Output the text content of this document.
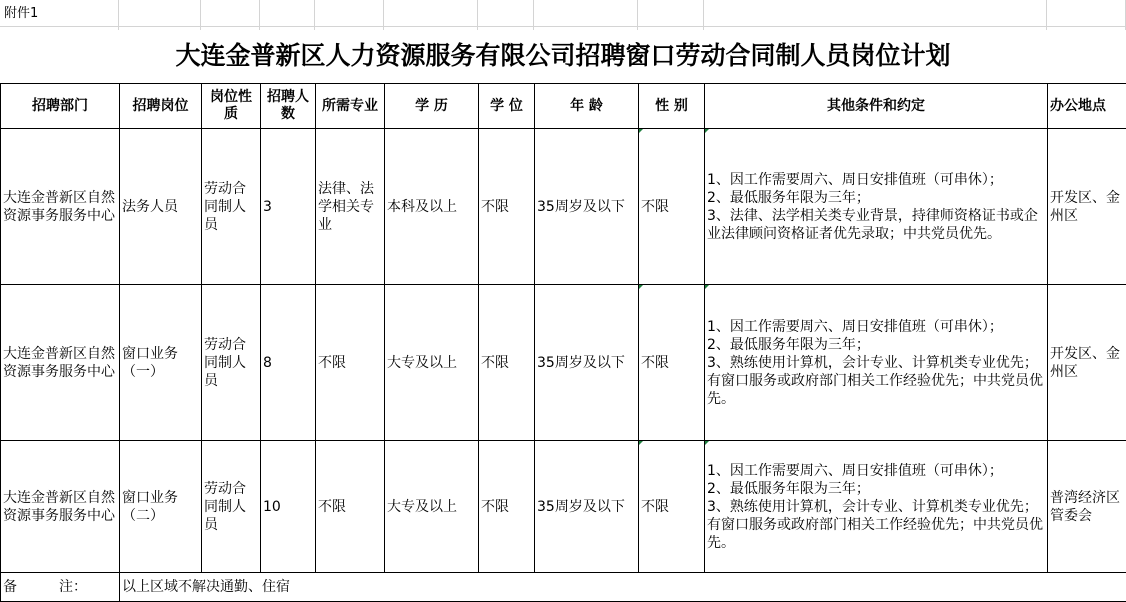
附件1
大连金普新区人力资源服务有限公司招聘窗口劳动合同制人员岗位计划
招聘部门	招聘岗位	岗位性质	招聘人数	所需专业	学 历	学 位	年 龄	性 别	其他条件和约定	办公地点
大连金普新区自然资源事务服务中心	法务人员	劳动合同制人员	3	法律、法学相关专业	本科及以上	不限	35周岁及以下	不限	1、因工作需要周六、周日安排值班（可串休）；
2、最低服务年限为三年；
3、法律、法学相关类专业背景，持律师资格证书或企业法律顾问资格证者优先录取；中共党员优先。	开发区、金州区
大连金普新区自然资源事务服务中心	窗口业务（一）	劳动合同制人员	8	不限	大专及以上	不限	35周岁及以下	不限	1、因工作需要周六、周日安排值班（可串休）；
2、最低服务年限为三年；
3、熟练使用计算机，会计专业、计算机类专业优先；有窗口服务或政府部门相关工作经验优先；中共党员优先。	开发区、金州区
大连金普新区自然资源事务服务中心	窗口业务（二）	劳动合同制人员	10	不限	大专及以上	不限	35周岁及以下	不限	1、因工作需要周六、周日安排值班（可串休）；
2、最低服务年限为三年；
3、熟练使用计算机，会计专业、计算机类专业优先；有窗口服务或政府部门相关工作经验优先；中共党员优先。	普湾经济区管委会
备　　　注：	以上区域不解决通勤、住宿									
